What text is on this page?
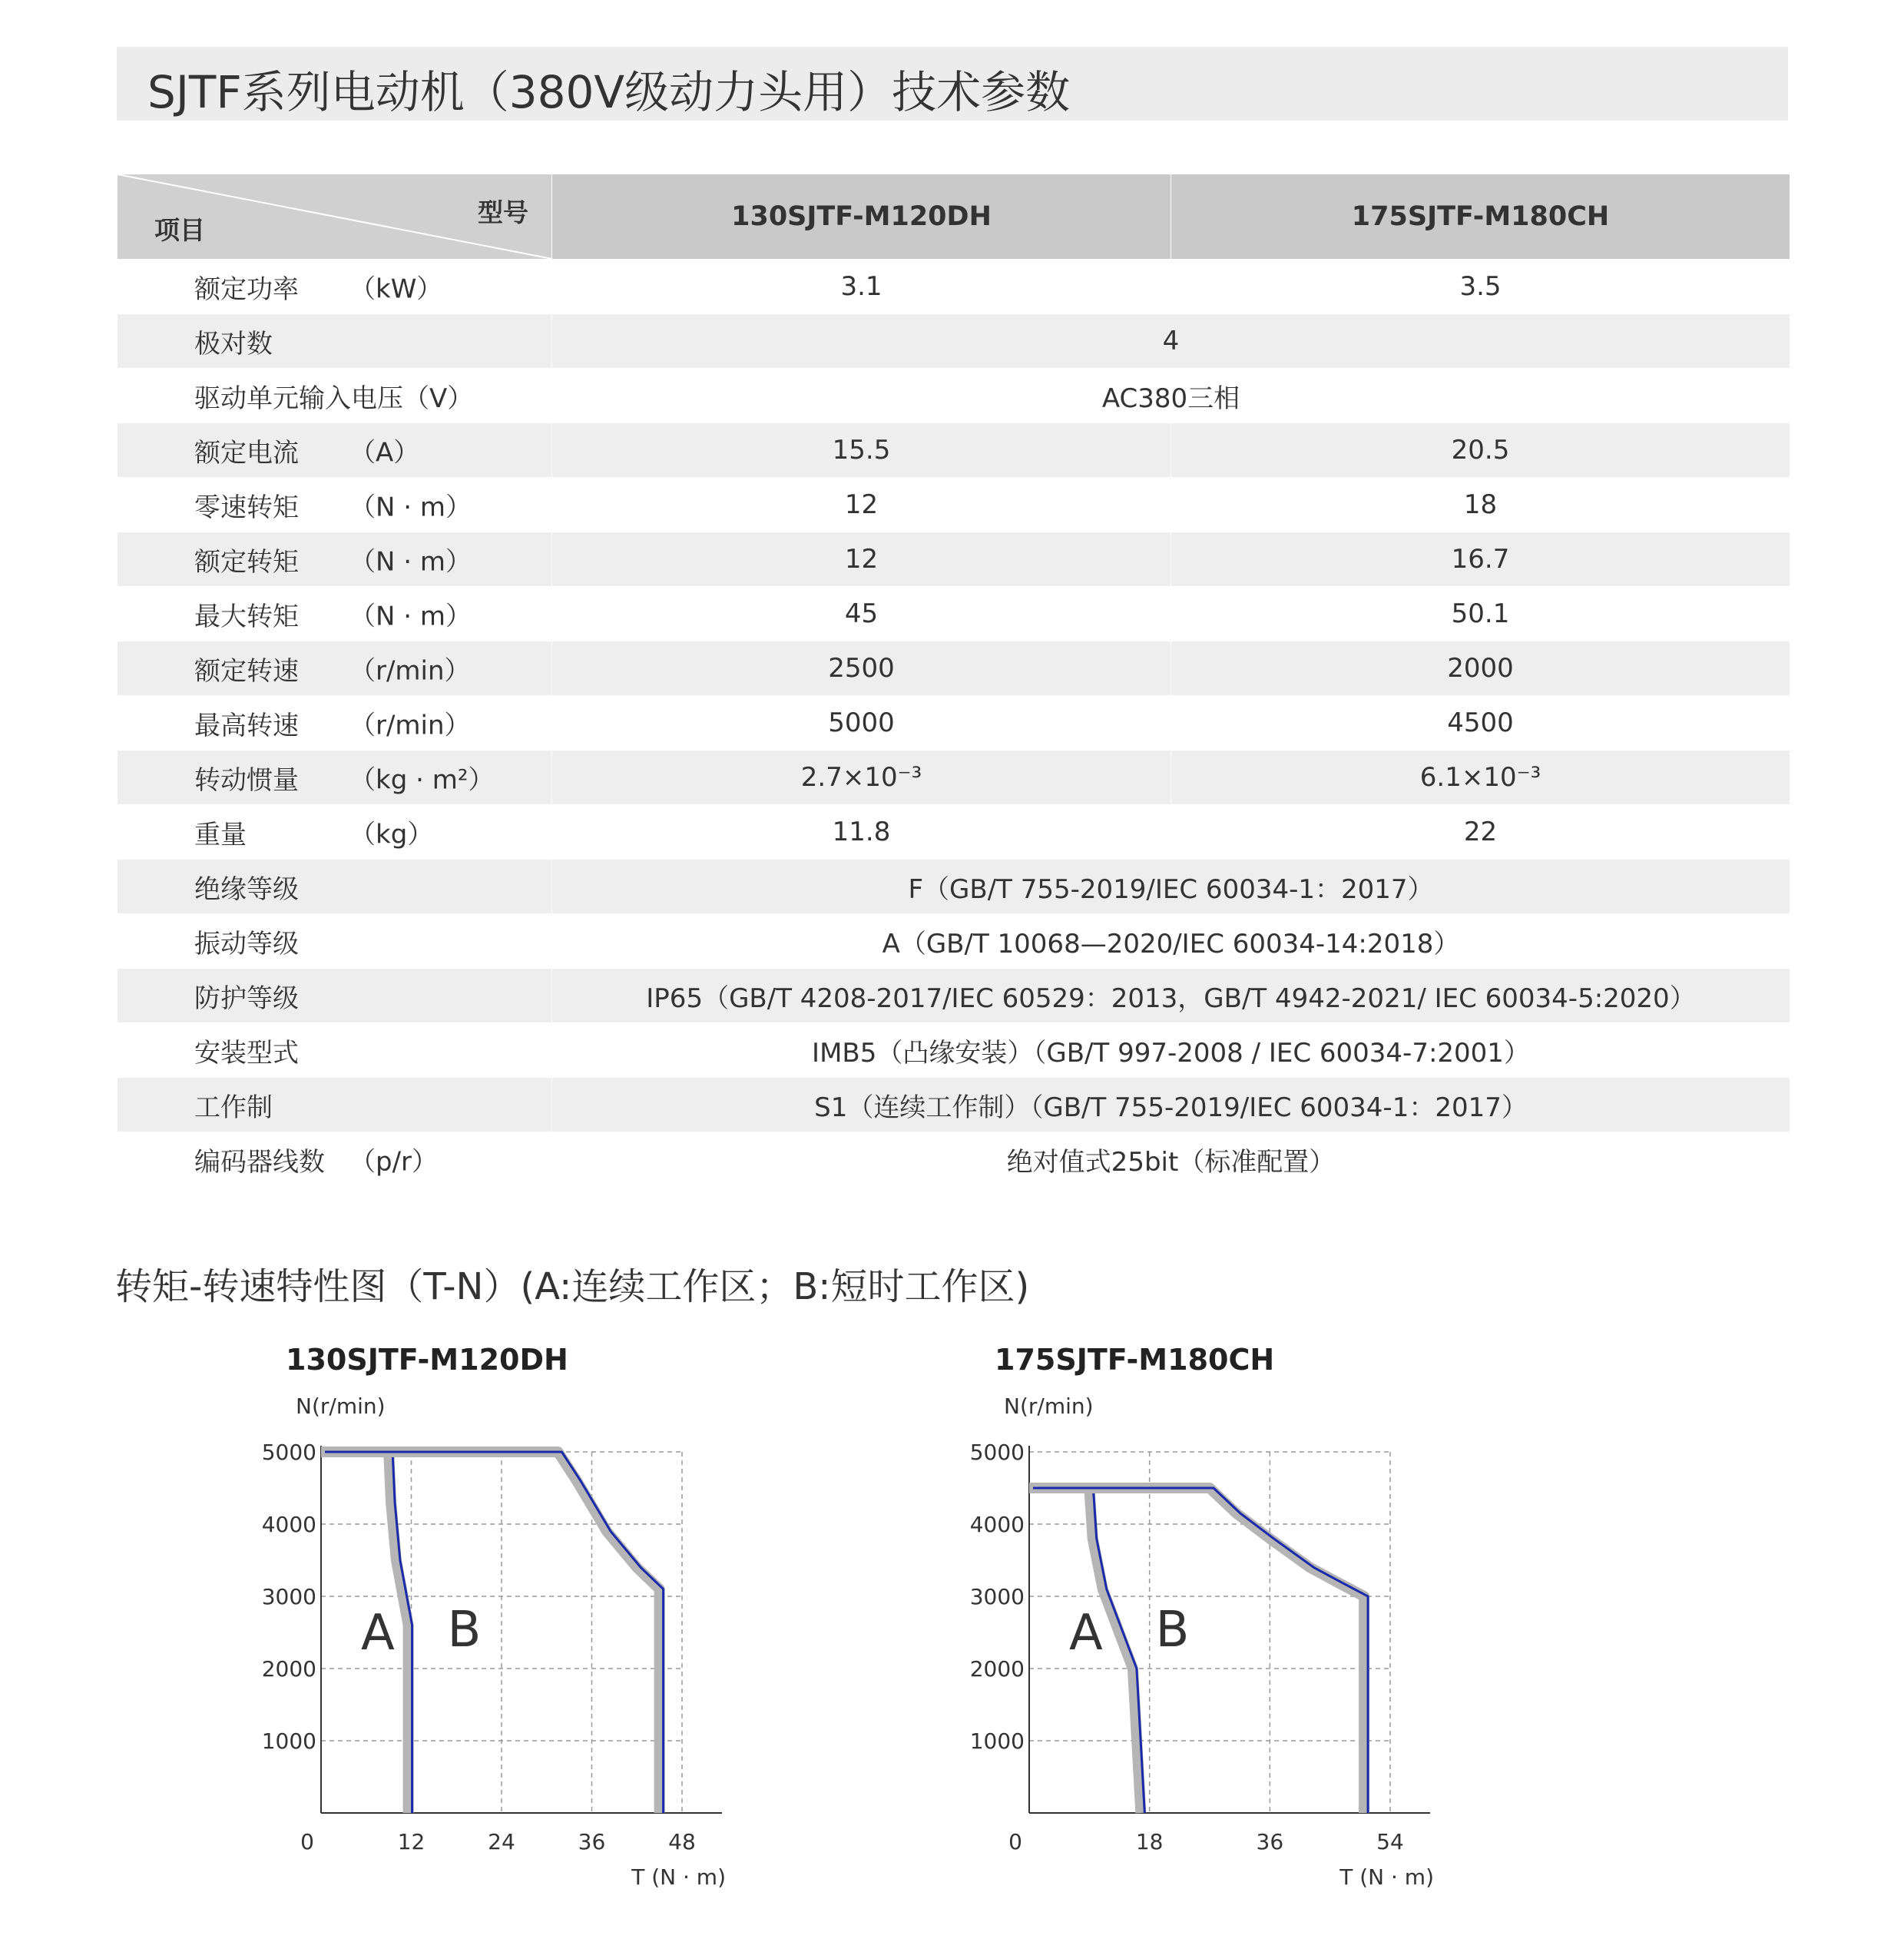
SJTF系列电动机（380V级动力头用）技术参数
型号
项目	130SJTF-M120DH	175SJTF-M180CH
额定功率 （kW）	3.1	3.5
极对数	4	
驱动单元输入电压（V）	AC380三相	
额定电流 （A）	15.5	20.5
零速转矩 （N · m）	12	18
额定转矩 （N · m）	12	16.7
最大转矩 （N · m）	45	50.1
额定转速 （r/min）	2500	2000
最高转速 （r/min）	5000	4500
转动惯量 （kg · m²）	2.7×10⁻³	6.1×10⁻³
重量 （kg）	11.8	22
绝缘等级	F（GB/T 755-2019/IEC 60034-1：2017）	
振动等级	A（GB/T 10068—2020/IEC 60034-14:2018）	
防护等级	IP65（GB/T 4208-2017/IEC 60529：2013，GB/T 4942-2021/ IEC 60034-5:2020）	
安装型式	IMB5（凸缘安装）（GB/T 997-2008 / IEC 60034-7:2001）	
工作制	S1（连续工作制）（GB/T 755-2019/IEC 60034-1：2017）	
编码器线数 （p/r）	绝对值式25bit（标准配置）	
转矩-转速特性图（T-N）(A:连续工作区；B:短时工作区)
130SJTF-M120DH	175SJTF-M180CH
0	12	24	36	48
1000
2000
3000
4000
5000
N(r/min)
T (N · m)
A B
0	18	36	54
1000
2000
3000
4000
5000
N(r/min)
T (N · m)
A B
